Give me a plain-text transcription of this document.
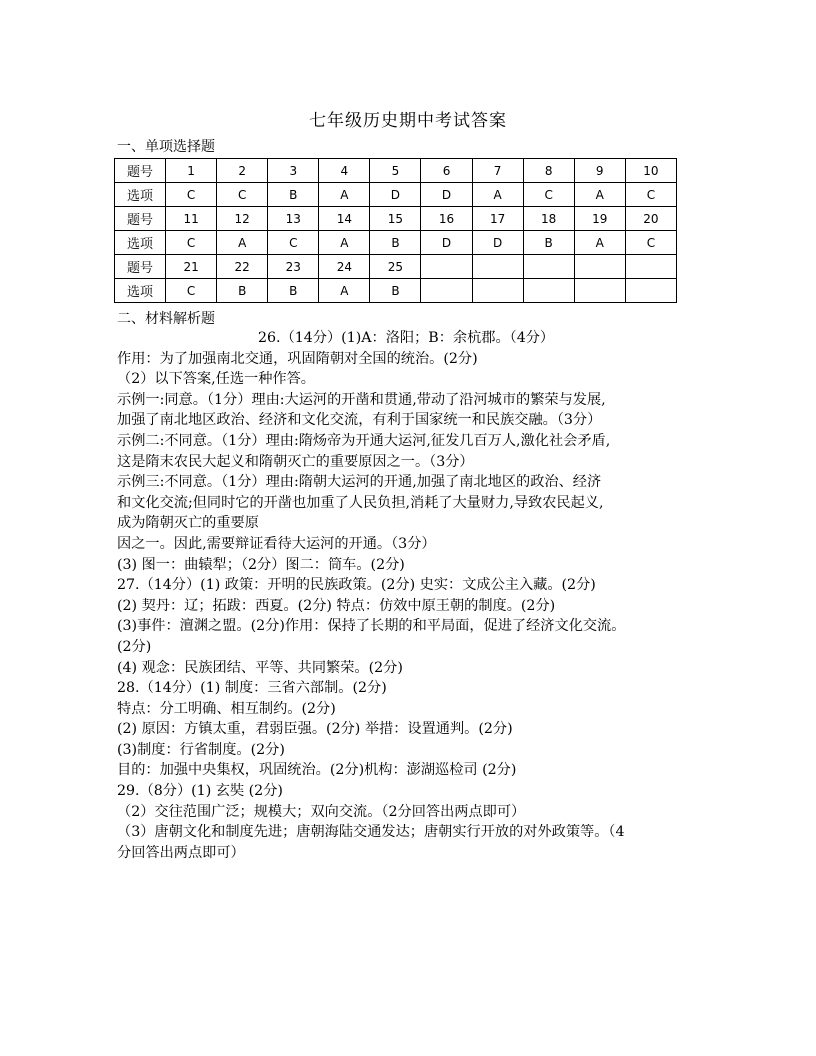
七年级历史期中考试答案
一、单项选择题
题号	1	2	3	4	5	6	7	8	9	10
选项	C	C	B	A	D	D	A	C	A	C
题号	11	12	13	14	15	16	17	18	19	20
选项	C	A	C	A	B	D	D	B	A	C
题号	21	22	23	24	25					
选项	C	B	B	A	B					
二、材料解析题
26.（14分）(1)A：洛阳；B：余杭郡。（4分）
作用：为了加强南北交通，巩固隋朝对全国的统治。(2分)
（2）以下答案,任选一种作答。
示例一:同意。（1分）理由:大运河的开凿和贯通,带动了沿河城市的繁荣与发展,
加强了南北地区政治、经济和文化交流，有利于国家统一和民族交融。（3分）
示例二:不同意。（1分）理由:隋炀帝为开通大运河,征发几百万人,激化社会矛盾,
这是隋末农民大起义和隋朝灭亡的重要原因之一。（3分）
示例三:不同意。（1分）理由:隋朝大运河的开通,加强了南北地区的政治、经济
和文化交流;但同时它的开凿也加重了人民负担,消耗了大量财力,导致农民起义,
成为隋朝灭亡的重要原
因之一。因此,需要辩证看待大运河的开通。（3分）
(3) 图一：曲辕犁；（2分）图二：筒车。(2分)
27.（14分）(1) 政策：开明的民族政策。(2分) 史实：文成公主入藏。(2分)
(2) 契丹：辽；拓跋：西夏。(2分) 特点：仿效中原王朝的制度。(2分)
(3)事件：澶渊之盟。(2分)作用：保持了长期的和平局面，促进了经济文化交流。
(2分)
(4) 观念：民族团结、平等、共同繁荣。(2分)
28.（14分）(1) 制度：三省六部制。(2分)
特点：分工明确、相互制约。(2分)
(2) 原因：方镇太重，君弱臣强。(2分) 举措：设置通判。(2分)
(3)制度：行省制度。(2分)
目的：加强中央集权，巩固统治。(2分)机构：澎湖巡检司 (2分)
29.（8分）(1) 玄奘 (2分)
（2）交往范围广泛；规模大；双向交流。（2分回答出两点即可）
（3）唐朝文化和制度先进；唐朝海陆交通发达；唐朝实行开放的对外政策等。（4
分回答出两点即可）
